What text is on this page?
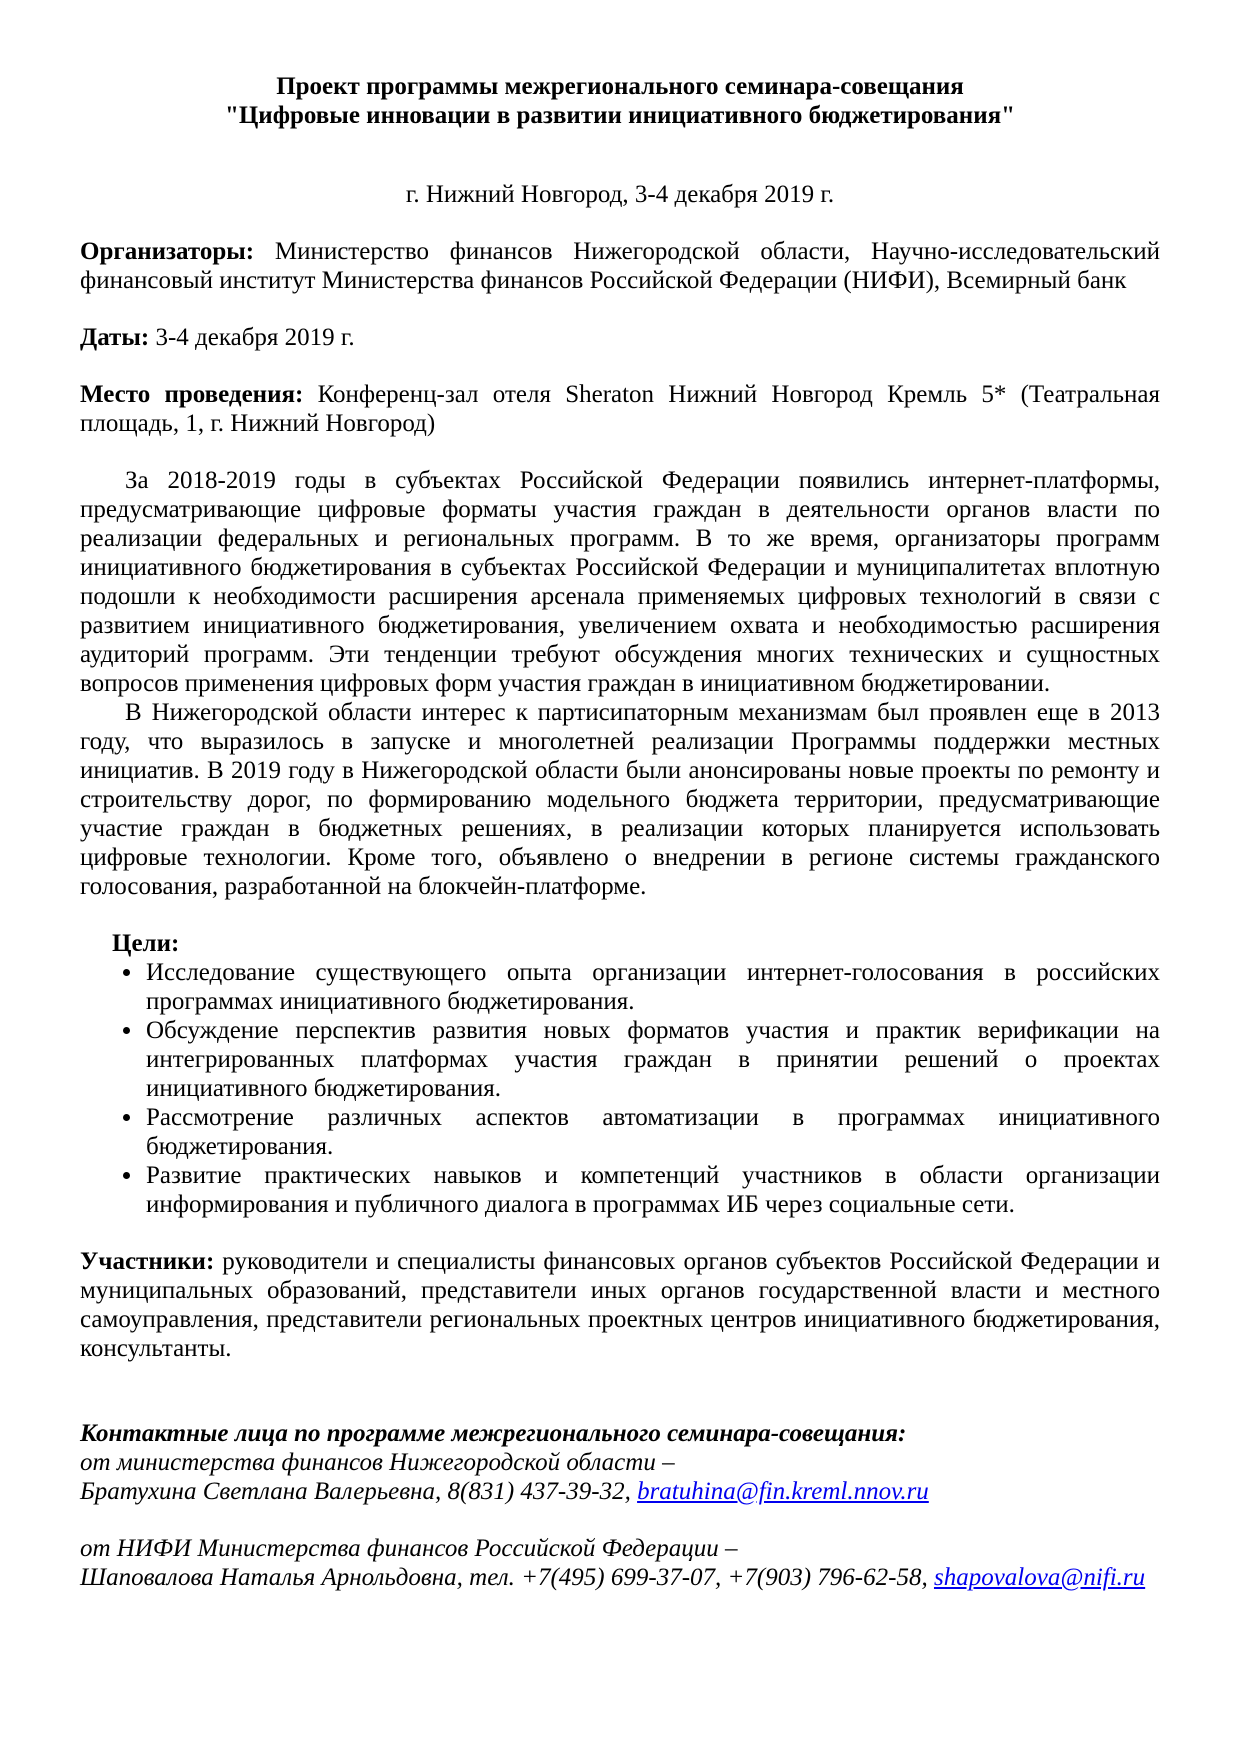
Проект программы межрегионального семинара-совещания
"Цифровые инновации в развитии инициативного бюджетирования"

г. Нижний Новгород, 3-4 декабря 2019 г.

Организаторы: Министерство финансов Нижегородской области, Научно-исследовательский финансовый институт Министерства финансов Российской Федерации (НИФИ), Всемирный банк

Даты: 3-4 декабря 2019 г.

Место проведения: Конференц-зал отеля Sheraton Нижний Новгород Кремль 5* (Театральная площадь, 1, г. Нижний Новгород)

За 2018-2019 годы в субъектах Российской Федерации появились интернет-платформы, предусматривающие цифровые форматы участия граждан в деятельности органов власти по реализации федеральных и региональных программ. В то же время, организаторы программ инициативного бюджетирования в субъектах Российской Федерации и муниципалитетах вплотную подошли к необходимости расширения арсенала применяемых цифровых технологий в связи с развитием инициативного бюджетирования, увеличением охвата и необходимостью расширения аудиторий программ. Эти тенденции требуют обсуждения многих технических и сущностных вопросов применения цифровых форм участия граждан в инициативном бюджетировании.

В Нижегородской области интерес к партисипаторным механизмам был проявлен еще в 2013 году, что выразилось в запуске и многолетней реализации Программы поддержки местных инициатив. В 2019 году в Нижегородской области были анонсированы новые проекты по ремонту и строительству дорог, по формированию модельного бюджета территории, предусматривающие участие граждан в бюджетных решениях, в реализации которых планируется использовать цифровые технологии. Кроме того, объявлено о внедрении в регионе системы гражданского голосования, разработанной на блокчейн-платформе.

Цели:

• Исследование существующего опыта организации интернет-голосования в российских программах инициативного бюджетирования.
• Обсуждение перспектив развития новых форматов участия и практик верификации на интегрированных платформах участия граждан в принятии решений о проектах инициативного бюджетирования.
• Рассмотрение различных аспектов автоматизации в программах инициативного бюджетирования.
• Развитие практических навыков и компетенций участников в области организации информирования и публичного диалога в программах ИБ через социальные сети.

Участники: руководители и специалисты финансовых органов субъектов Российской Федерации и муниципальных образований, представители иных органов государственной власти и местного самоуправления, представители региональных проектных центров инициативного бюджетирования, консультанты.

Контактные лица по программе межрегионального семинара-совещания:

от министерства финансов Нижегородской области –

Братухина Светлана Валерьевна, 8(831) 437-39-32, bratuhina@fin.kreml.nnov.ru

от НИФИ Министерства финансов Российской Федерации –

Шаповалова Наталья Арнольдовна, тел. +7(495) 699-37-07, +7(903) 796-62-58, shapovalova@nifi.ru
